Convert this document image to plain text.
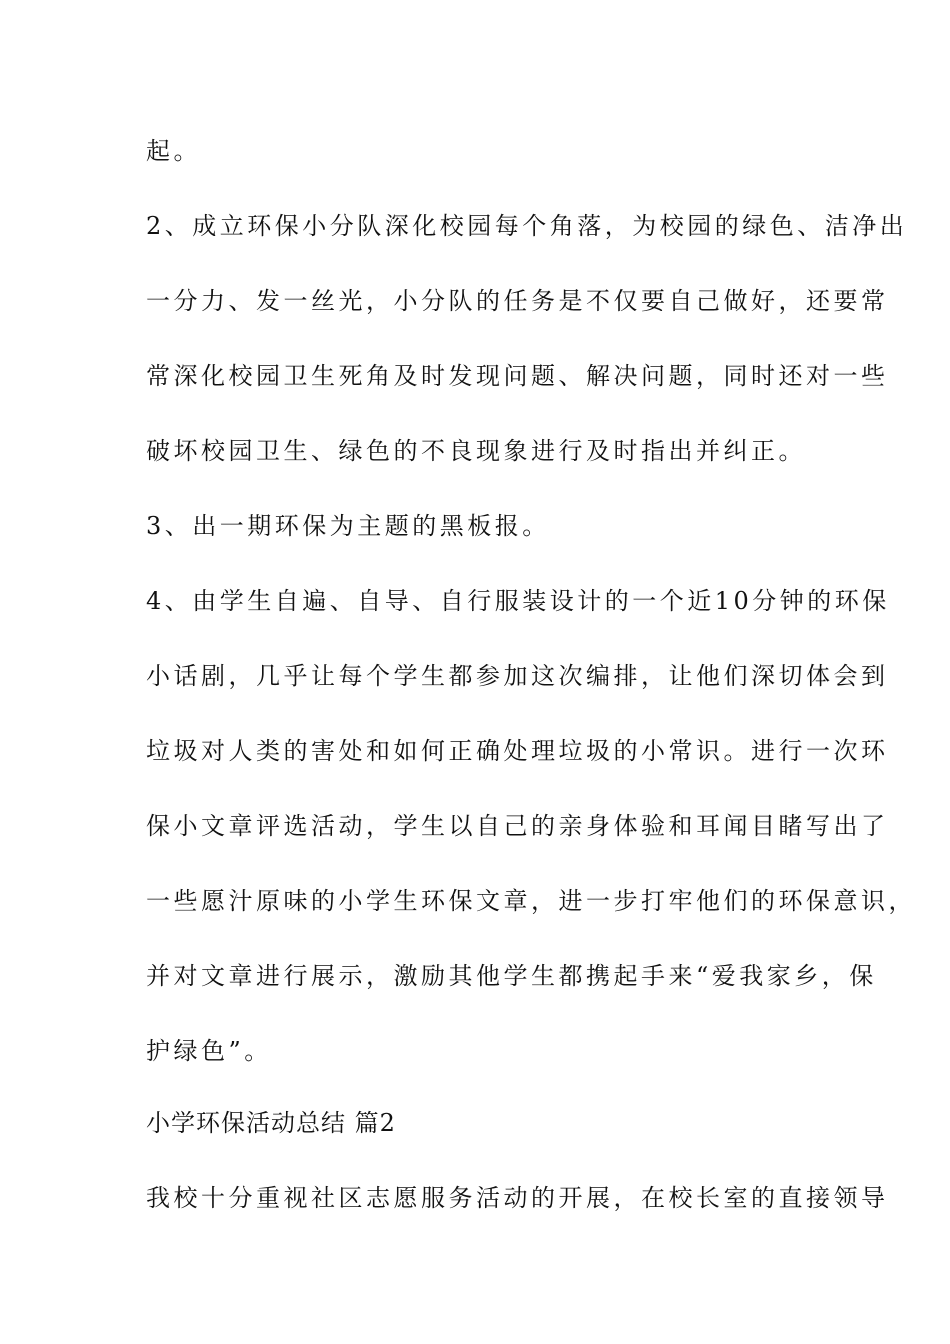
起。
2、成立环保小分队深化校园每个角落，为校园的绿色、洁净出
一分力、发一丝光，小分队的任务是不仅要自己做好，还要常
常深化校园卫生死角及时发现问题、解决问题，同时还对一些
破坏校园卫生、绿色的不良现象进行及时指出并纠正。
3、出一期环保为主题的黑板报。
4、由学生自遍、自导、自行服装设计的一个近10分钟的环保
小话剧，几乎让每个学生都参加这次编排，让他们深切体会到
垃圾对人类的害处和如何正确处理垃圾的小常识。进行一次环
保小文章评选活动，学生以自己的亲身体验和耳闻目睹写出了
一些愿汁原味的小学生环保文章，进一步打牢他们的环保意识，
并对文章进行展示，激励其他学生都携起手来“爱我家乡，保
护绿色”。
小学环保活动总结 篇2
我校十分重视社区志愿服务活动的开展，在校长室的直接领导
